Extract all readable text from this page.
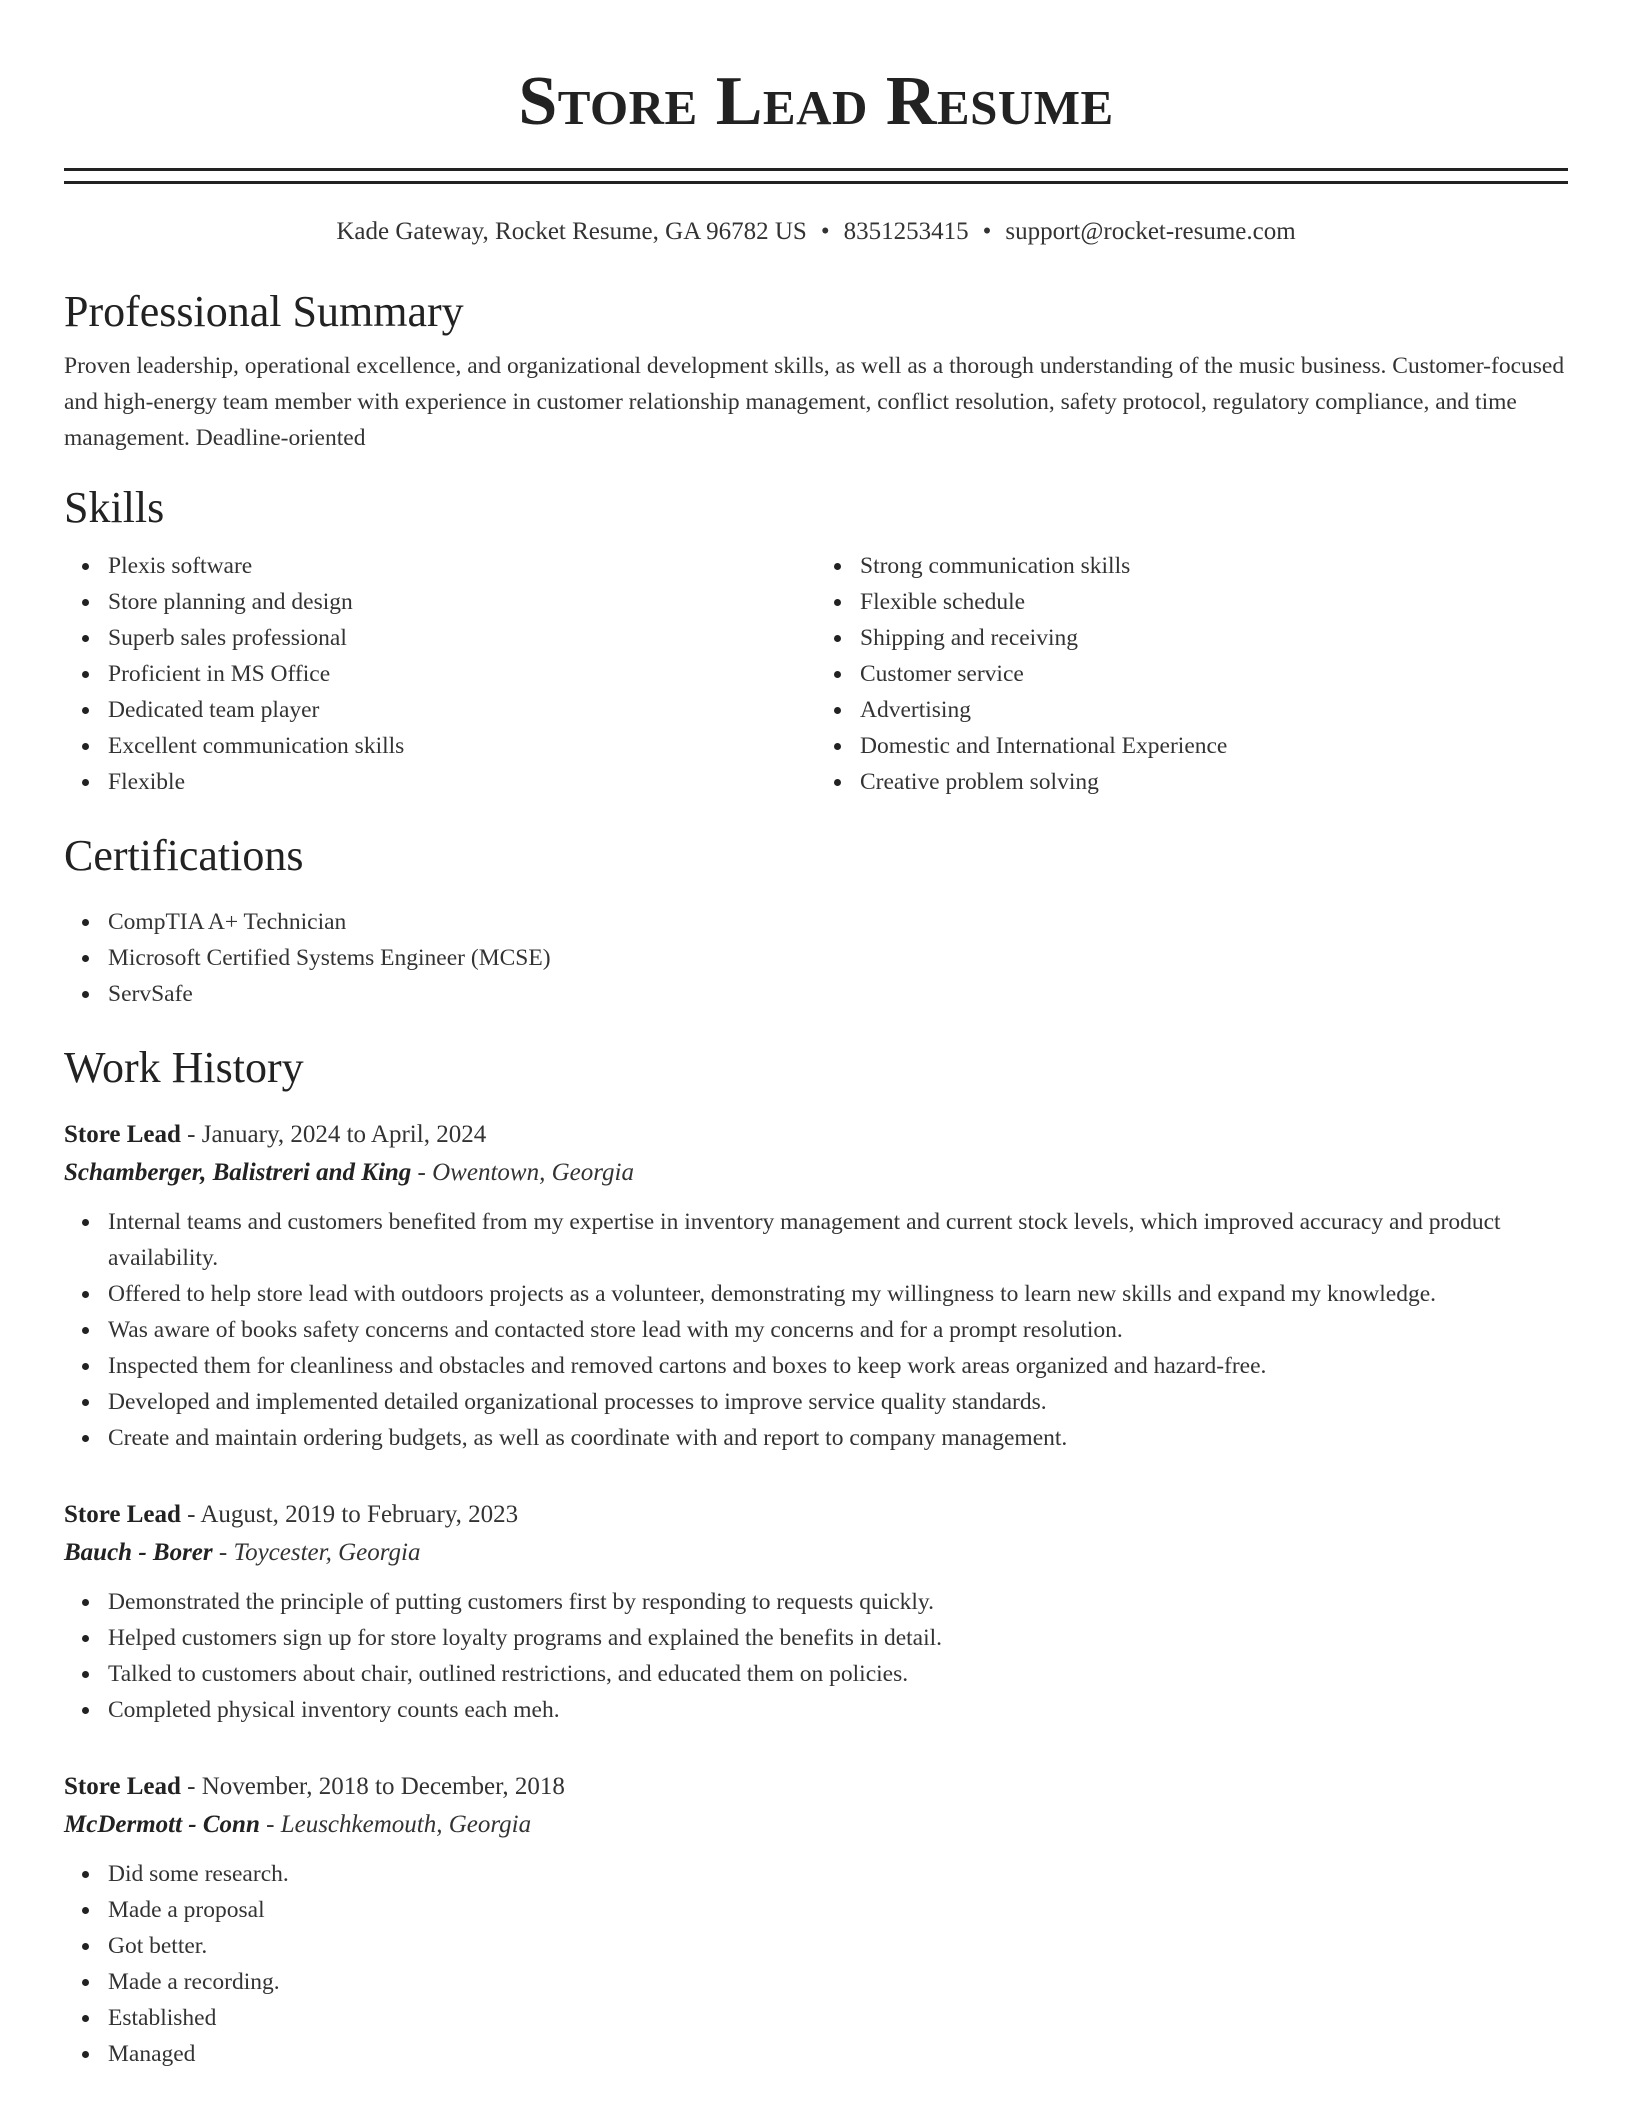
Store Lead Resume
Kade Gateway, Rocket Resume, GA 96782 US • 8351253415 • support@rocket-resume.com
Professional Summary
Proven leadership, operational excellence, and organizational development skills, as well as a thorough understanding of the music business. Customer-focused and high-energy team member with experience in customer relationship management, conflict resolution, safety protocol, regulatory compliance, and time management. Deadline-oriented
Skills
Plexis software
Store planning and design
Superb sales professional
Proficient in MS Office
Dedicated team player
Excellent communication skills
Flexible
Strong communication skills
Flexible schedule
Shipping and receiving
Customer service
Advertising
Domestic and International Experience
Creative problem solving
Certifications
CompTIA A+ Technician
Microsoft Certified Systems Engineer (MCSE)
ServSafe
Work History
Store Lead - January, 2024 to April, 2024
Schamberger, Balistreri and King - Owentown, Georgia
Internal teams and customers benefited from my expertise in inventory management and current stock levels, which improved accuracy and product availability.
Offered to help store lead with outdoors projects as a volunteer, demonstrating my willingness to learn new skills and expand my knowledge.
Was aware of books safety concerns and contacted store lead with my concerns and for a prompt resolution.
Inspected them for cleanliness and obstacles and removed cartons and boxes to keep work areas organized and hazard-free.
Developed and implemented detailed organizational processes to improve service quality standards.
Create and maintain ordering budgets, as well as coordinate with and report to company management.
Store Lead - August, 2019 to February, 2023
Bauch - Borer - Toycester, Georgia
Demonstrated the principle of putting customers first by responding to requests quickly.
Helped customers sign up for store loyalty programs and explained the benefits in detail.
Talked to customers about chair, outlined restrictions, and educated them on policies.
Completed physical inventory counts each meh.
Store Lead - November, 2018 to December, 2018
McDermott - Conn - Leuschkemouth, Georgia
Did some research.
Made a proposal
Got better.
Made a recording.
Established
Managed
